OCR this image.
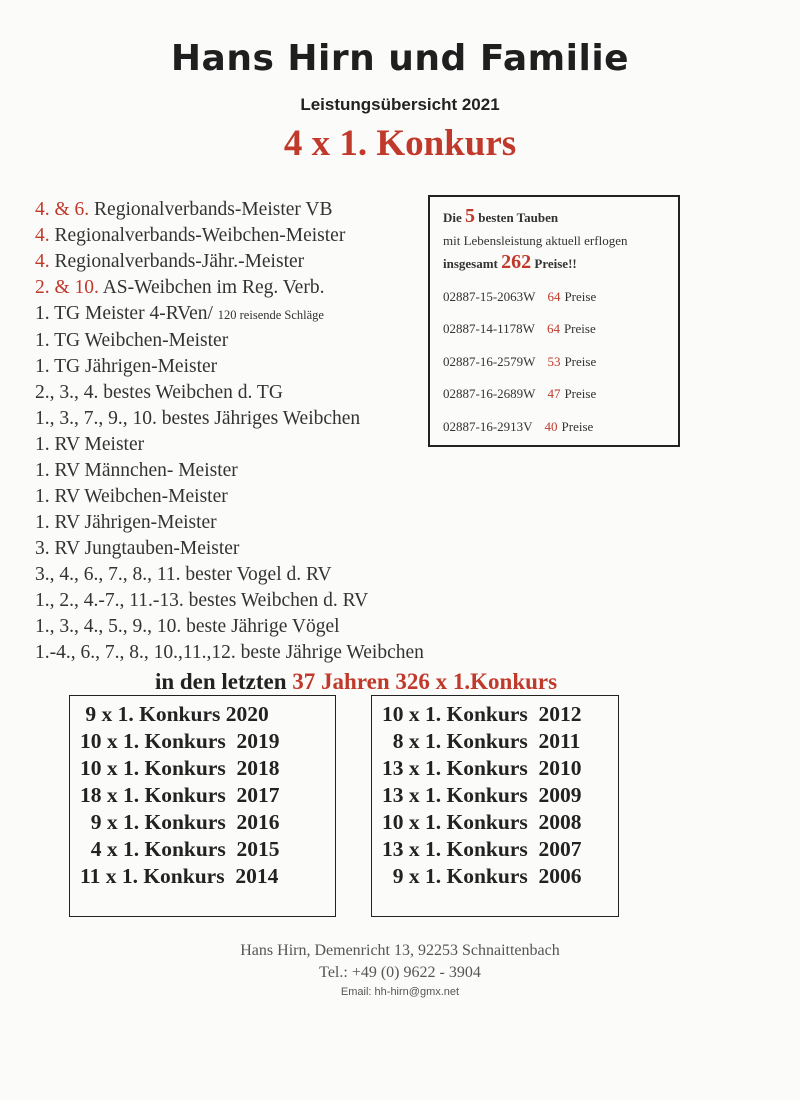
Hans Hirn und Familie
Leistungsübersicht 2021
4 x 1. Konkurs
4. & 6. Regionalverbands-Meister VB
4. Regionalverbands-Weibchen-Meister
4. Regionalverbands-Jähr.-Meister
2. & 10. AS-Weibchen im Reg. Verb.
1. TG Meister 4-RVen/ 120 reisende Schläge
1. TG Weibchen-Meister
1. TG Jährigen-Meister
2., 3., 4. bestes Weibchen d. TG
1., 3., 7., 9., 10. bestes Jähriges Weibchen
1. RV Meister
1. RV Männchen- Meister
1. RV Weibchen-Meister
1. RV Jährigen-Meister
3. RV Jungtauben-Meister
3., 4., 6., 7., 8., 11. bester Vogel d. RV
1., 2., 4.-7., 11.-13. bestes Weibchen d. RV
1., 3., 4., 5., 9., 10. beste Jährige Vögel
1.-4., 6., 7., 8., 10.,11.,12. beste Jährige Weibchen
Die 5 besten Tauben
mit Lebensleistung aktuell erflogen
insgesamt 262 Preise!!
02887-15-2063W 64 Preise
02887-14-1178W 64 Preise
02887-16-2579W 53 Preise
02887-16-2689W 47 Preise
02887-16-2913V 40 Preise
in den letzten 37 Jahren 326 x 1.Konkurs
9 x 1. Konkurs 2020
10 x 1. Konkurs  2019
10 x 1. Konkurs  2018
18 x 1. Konkurs  2017
9 x 1. Konkurs  2016
4 x 1. Konkurs  2015
11 x 1. Konkurs  2014
10 x 1. Konkurs  2012
8 x 1. Konkurs  2011
13 x 1. Konkurs  2010
13 x 1. Konkurs  2009
10 x 1. Konkurs  2008
13 x 1. Konkurs  2007
9 x 1. Konkurs  2006
Hans Hirn, Demenricht 13, 92253 Schnaittenbach
Tel.: +49 (0) 9622 - 3904
Email: hh-hirn@gmx.net
